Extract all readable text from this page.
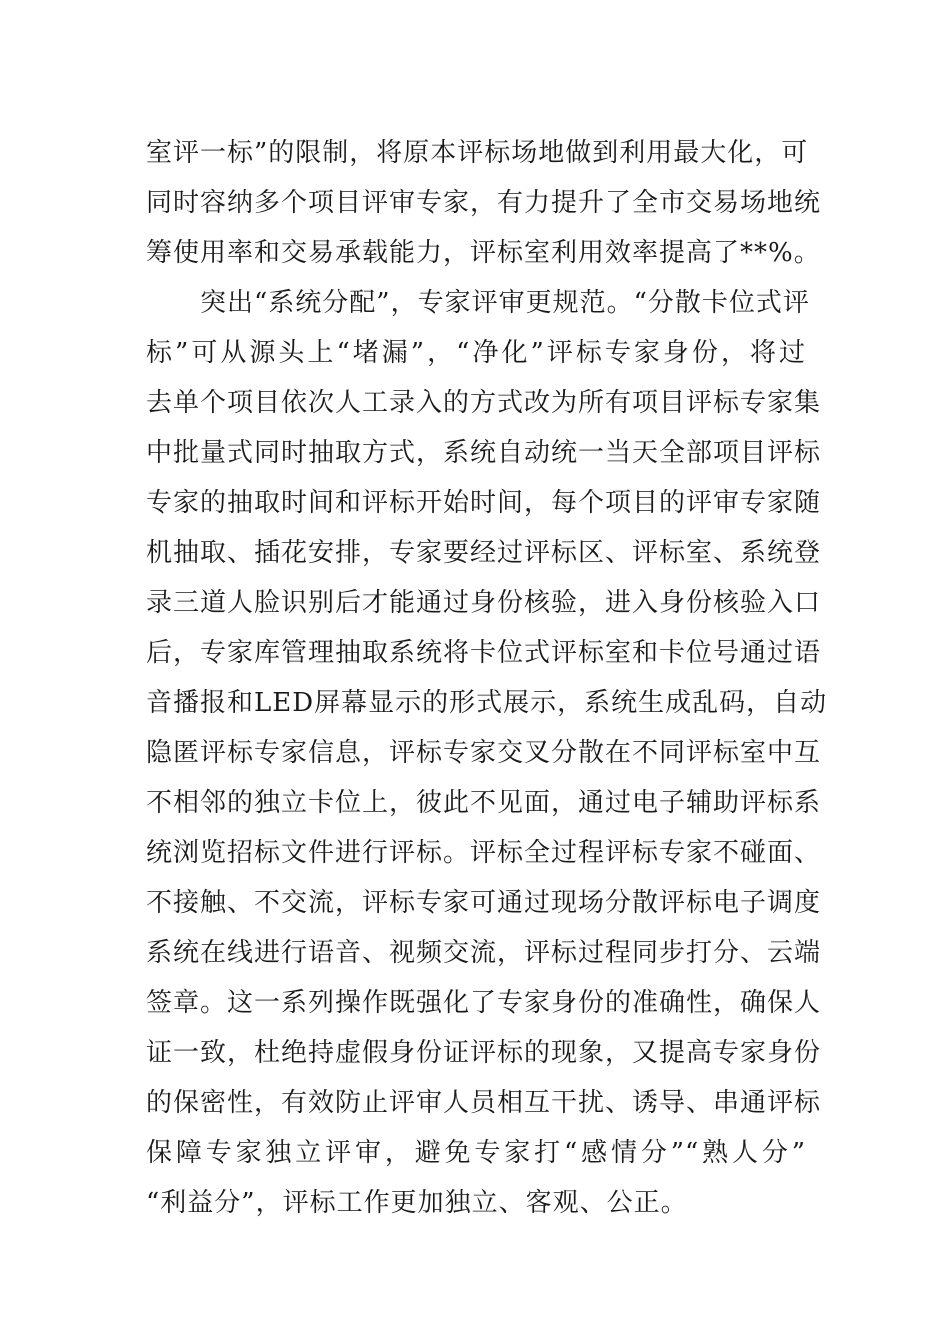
室评一标”的限制，将原本评标场地做到利用最大化，可
同时容纳多个项目评审专家，有力提升了全市交易场地统
筹使用率和交易承载能力，评标室利用效率提高了**%。
　　突出“系统分配”，专家评审更规范。“分散卡位式评
标”可从源头上“堵漏”，“净化”评标专家身份，将过
去单个项目依次人工录入的方式改为所有项目评标专家集
中批量式同时抽取方式，系统自动统一当天全部项目评标
专家的抽取时间和评标开始时间，每个项目的评审专家随
机抽取、插花安排，专家要经过评标区、评标室、系统登
录三道人脸识别后才能通过身份核验，进入身份核验入口
后，专家库管理抽取系统将卡位式评标室和卡位号通过语
音播报和LED屏幕显示的形式展示，系统生成乱码，自动
隐匿评标专家信息，评标专家交叉分散在不同评标室中互
不相邻的独立卡位上，彼此不见面，通过电子辅助评标系
统浏览招标文件进行评标。评标全过程评标专家不碰面、
不接触、不交流，评标专家可通过现场分散评标电子调度
系统在线进行语音、视频交流，评标过程同步打分、云端
签章。这一系列操作既强化了专家身份的准确性，确保人
证一致，杜绝持虚假身份证评标的现象，又提高专家身份
的保密性，有效防止评审人员相互干扰、诱导、串通评标
保障专家独立评审，避免专家打“感情分”“熟人分”
“利益分”，评标工作更加独立、客观、公正。
